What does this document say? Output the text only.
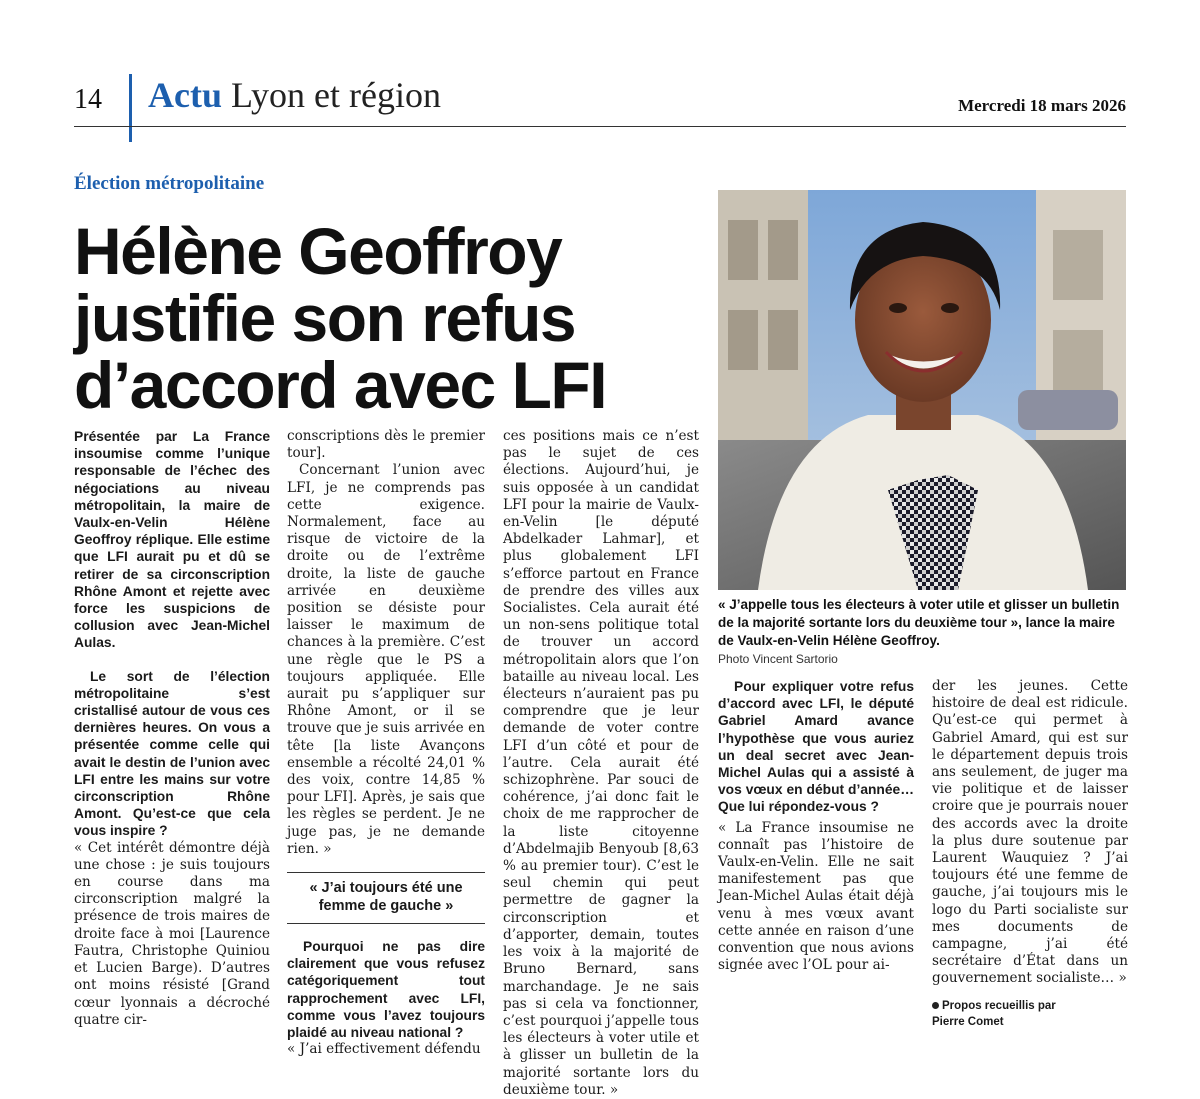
14 Actu Lyon et région	Mercredi 18 mars 2026
Élection métropolitaine
Hélène Geoffroy justifie son refus d’accord avec LFI
« J’appelle tous les électeurs à voter utile et glisser un bulletin de la majorité sortante lors du deuxième tour », lance la maire de Vaulx-en-Velin Hélène Geoffroy.
Photo Vincent Sartorio

Présentée par La France insoumise comme l’unique responsable de l’échec des négociations au niveau métropolitain, la maire de Vaulx-en-Velin Hélène Geoffroy réplique. Elle estime que LFI aurait pu et dû se retirer de sa circonscription Rhône Amont et rejette avec force les suspicions de collusion avec Jean-Michel Aulas.

Le sort de l’élection métropolitaine s’est cristallisé autour de vous ces dernières heures. On vous a présentée comme celle qui avait le destin de l’union avec LFI entre les mains sur votre circonscription Rhône Amont. Qu’est-ce que cela vous inspire ?

« Cet intérêt démontre déjà une chose : je suis toujours en course dans ma circonscription malgré la présence de trois maires de droite face à moi [Laurence Fautra, Christophe Quiniou et Lucien Barge). D’autres ont moins résisté [Grand cœur lyonnais a décroché quatre cir-

conscriptions dès le premier tour].

Concernant l’union avec LFI, je ne comprends pas cette exigence. Normalement, face au risque de victoire de la droite ou de l’extrême droite, la liste de gauche arrivée en deuxième position se désiste pour laisser le maximum de chances à la première. C’est une règle que le PS a toujours appliquée. Elle aurait pu s’appliquer sur Rhône Amont, or il se trouve que je suis arrivée en tête [la liste Avançons ensemble a récolté 24,01 % des voix, contre 14,85 % pour LFI]. Après, je sais que les règles se perdent. Je ne juge pas, je ne demande rien. »

« J’ai toujours été une femme de gauche »

Pourquoi ne pas dire clairement que vous refusez catégoriquement tout rapprochement avec LFI, comme vous l’avez toujours plaidé au niveau national ?

« J’ai effectivement défendu

ces positions mais ce n’est pas le sujet de ces élections. Aujourd’hui, je suis opposée à un candidat LFI pour la mairie de Vaulx-en-Velin [le député Abdelkader Lahmar], et plus globalement LFI s’efforce partout en France de prendre des villes aux Socialistes. Cela aurait été un non-sens politique total de trouver un accord métropolitain alors que l’on bataille au niveau local. Les électeurs n’auraient pas pu comprendre que je leur demande de voter contre LFI d’un côté et pour de l’autre. Cela aurait été schizophrène. Par souci de cohérence, j’ai donc fait le choix de me rapprocher de la liste citoyenne d’Abdelmajib Benyoub [8,63 % au premier tour). C’est le seul chemin qui peut permettre de gagner la circonscription et d’apporter, demain, toutes les voix à la majorité de Bruno Bernard, sans marchandage. Je ne sais pas si cela va fonctionner, c’est pourquoi j’appelle tous les électeurs à voter utile et à glisser un bulletin de la majorité sortante lors du deuxième tour. »

Pour expliquer votre refus d’accord avec LFI, le député Gabriel Amard avance l’hypothèse que vous auriez un deal secret avec Jean-Michel Aulas qui a assisté à vos vœux en début d’année… Que lui répondez-vous ?

« La France insoumise ne connaît pas l’histoire de Vaulx-en-Velin. Elle ne sait manifestement pas que Jean-Michel Aulas était déjà venu à mes vœux avant cette année en raison d’une convention que nous avions signée avec l’OL pour ai-

der les jeunes. Cette histoire de deal est ridicule. Qu’est-ce qui permet à Gabriel Amard, qui est sur le département depuis trois ans seulement, de juger ma vie politique et de laisser croire que je pourrais nouer des accords avec la droite la plus dure soutenue par Laurent Wauquiez ? J’ai toujours été une femme de gauche, j’ai toujours mis le logo du Parti socialiste sur mes documents de campagne, j’ai été secrétaire d’État dans un gouvernement socialiste… »

Propos recueillis par
Pierre Comet
